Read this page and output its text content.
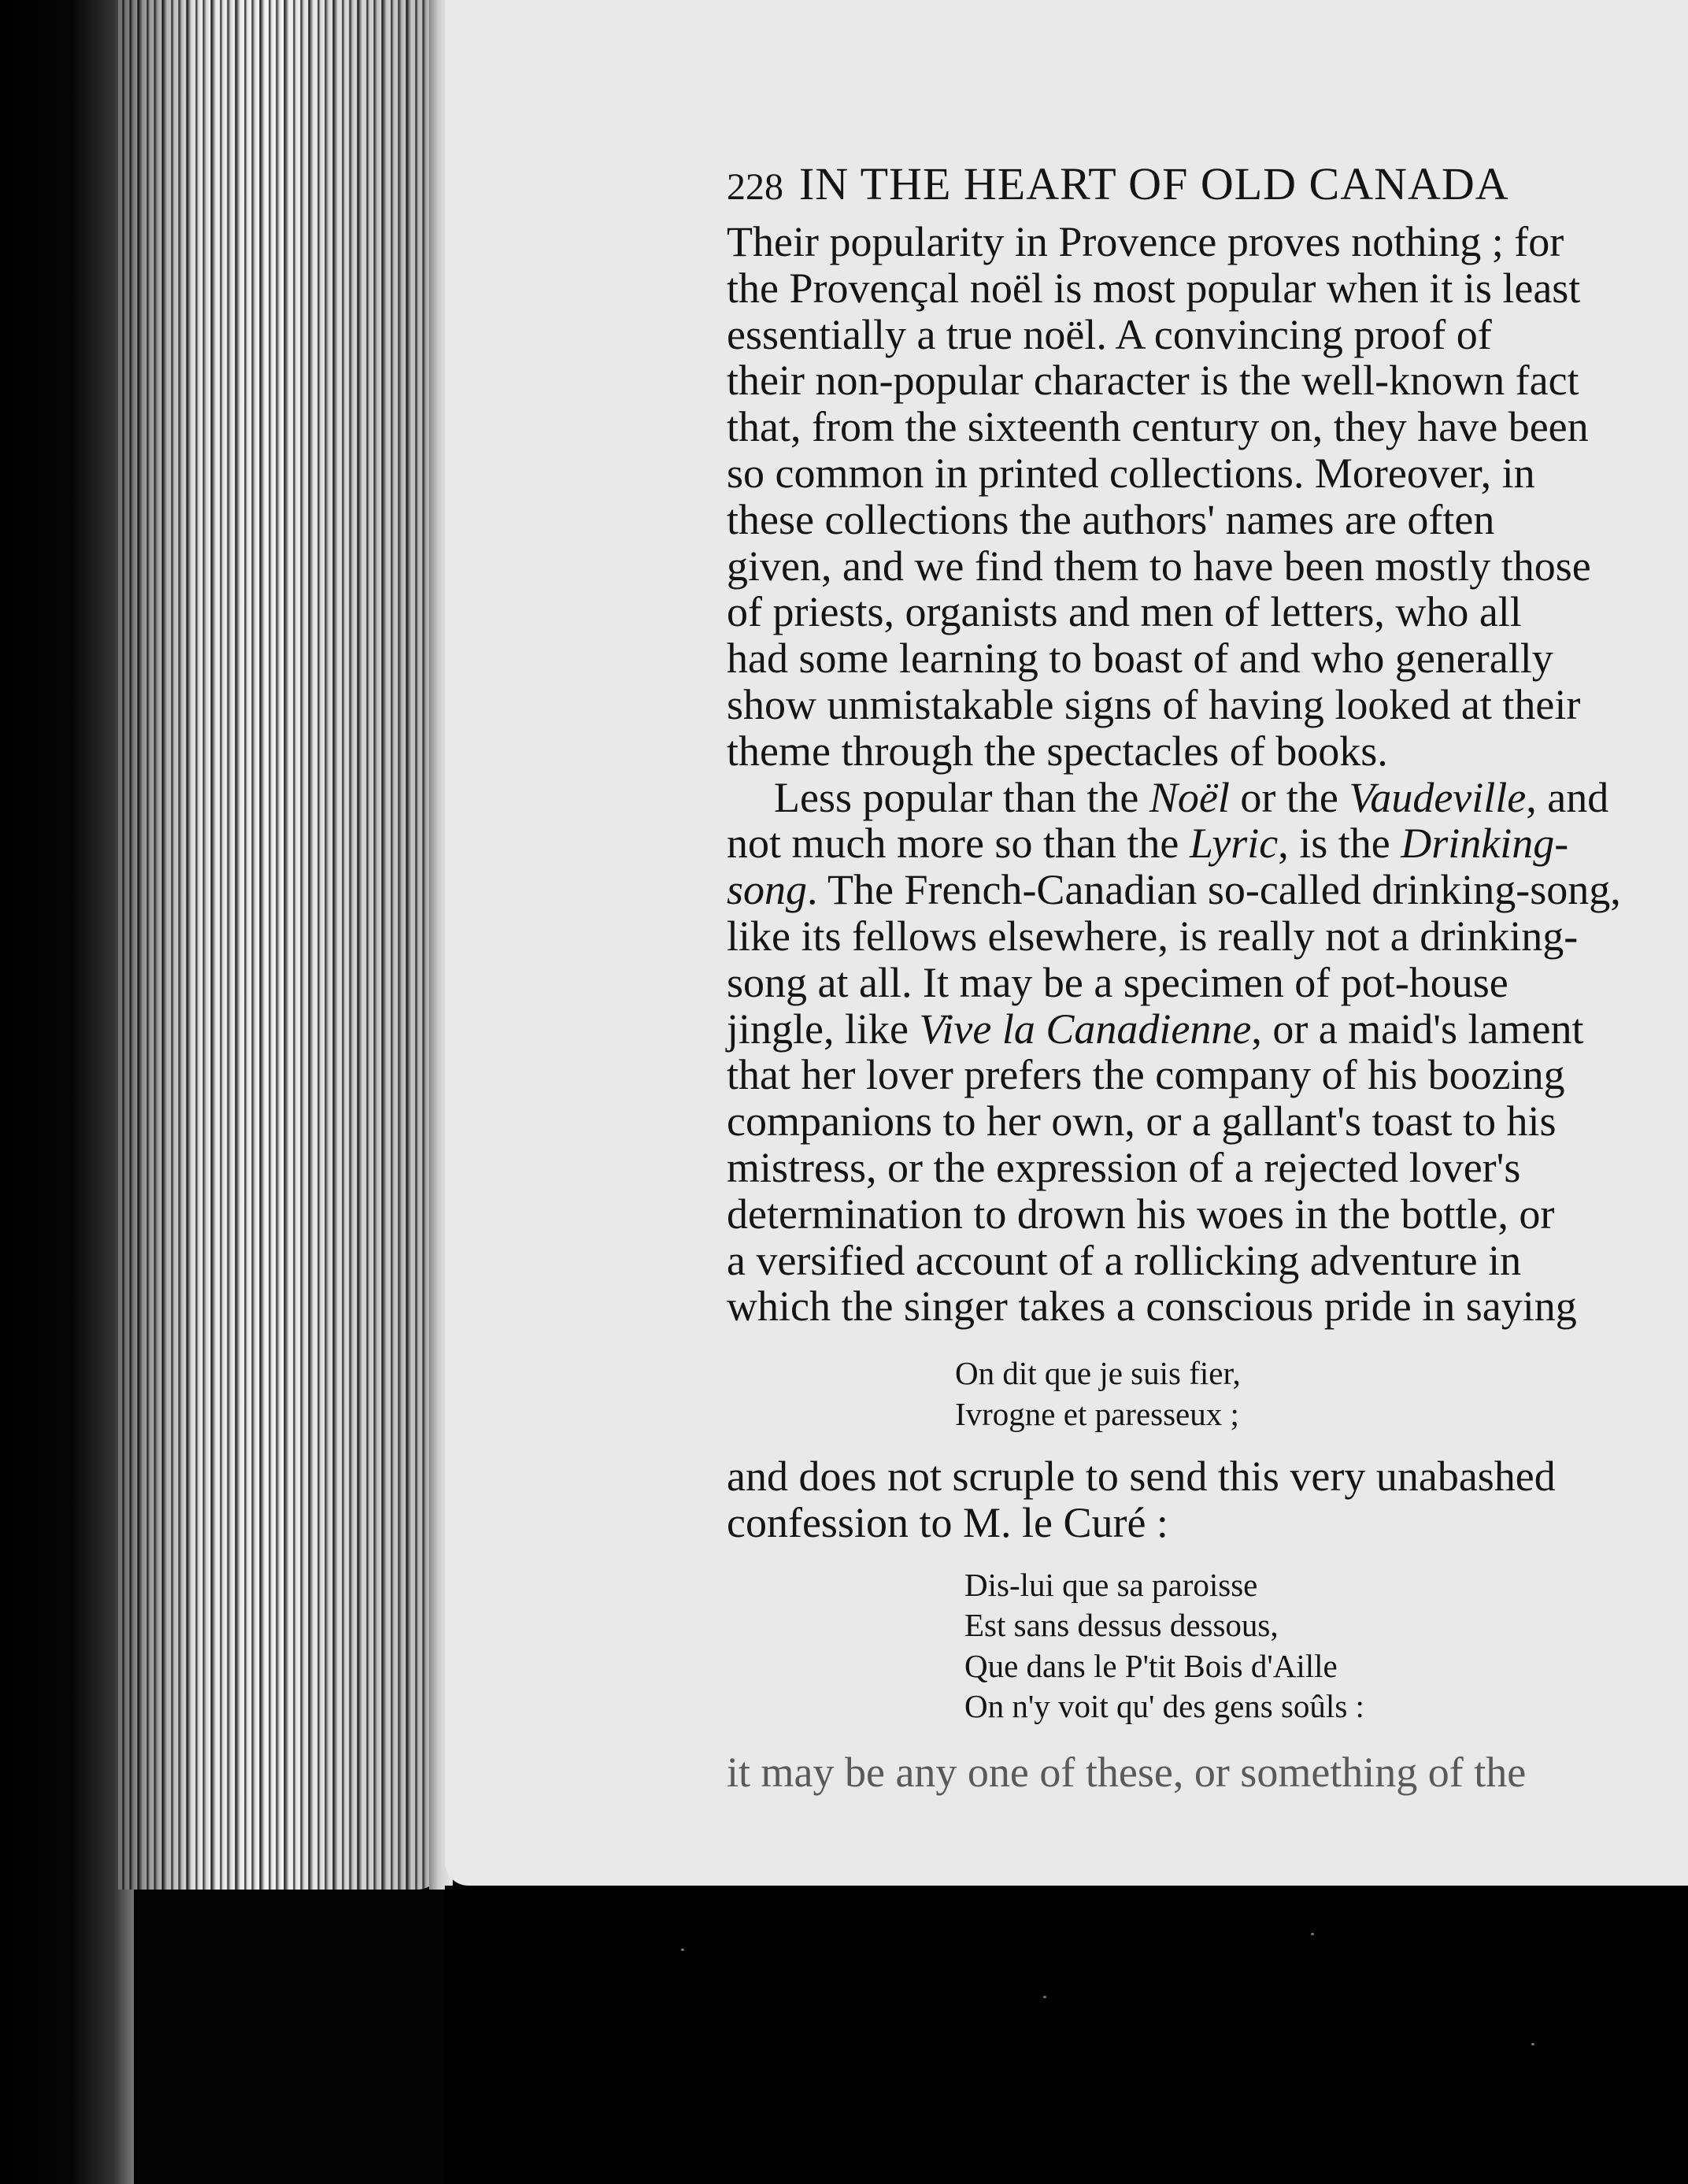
228 IN THE HEART OF OLD CANADA
Their popularity in Provence proves nothing ; for
the Provençal noël is most popular when it is least
essentially a true noël. A convincing proof of
their non-popular character is the well-known fact
that, from the sixteenth century on, they have been
so common in printed collections. Moreover, in
these collections the authors' names are often
given, and we find them to have been mostly those
of priests, organists and men of letters, who all
had some learning to boast of and who generally
show unmistakable signs of having looked at their
theme through the spectacles of books.
Less popular than the Noël or the Vaudeville, and
not much more so than the Lyric, is the Drinking-
song. The French-Canadian so-called drinking-song,
like its fellows elsewhere, is really not a drinking-
song at all. It may be a specimen of pot-house
jingle, like Vive la Canadienne, or a maid's lament
that her lover prefers the company of his boozing
companions to her own, or a gallant's toast to his
mistress, or the expression of a rejected lover's
determination to drown his woes in the bottle, or
a versified account of a rollicking adventure in
which the singer takes a conscious pride in saying
On dit que je suis fier,
Ivrogne et paresseux ;
and does not scruple to send this very unabashed
confession to M. le Curé :
Dis-lui que sa paroisse
Est sans dessus dessous,
Que dans le P'tit Bois d'Aille
On n'y voit qu' des gens soûls :
it may be any one of these, or something of the
